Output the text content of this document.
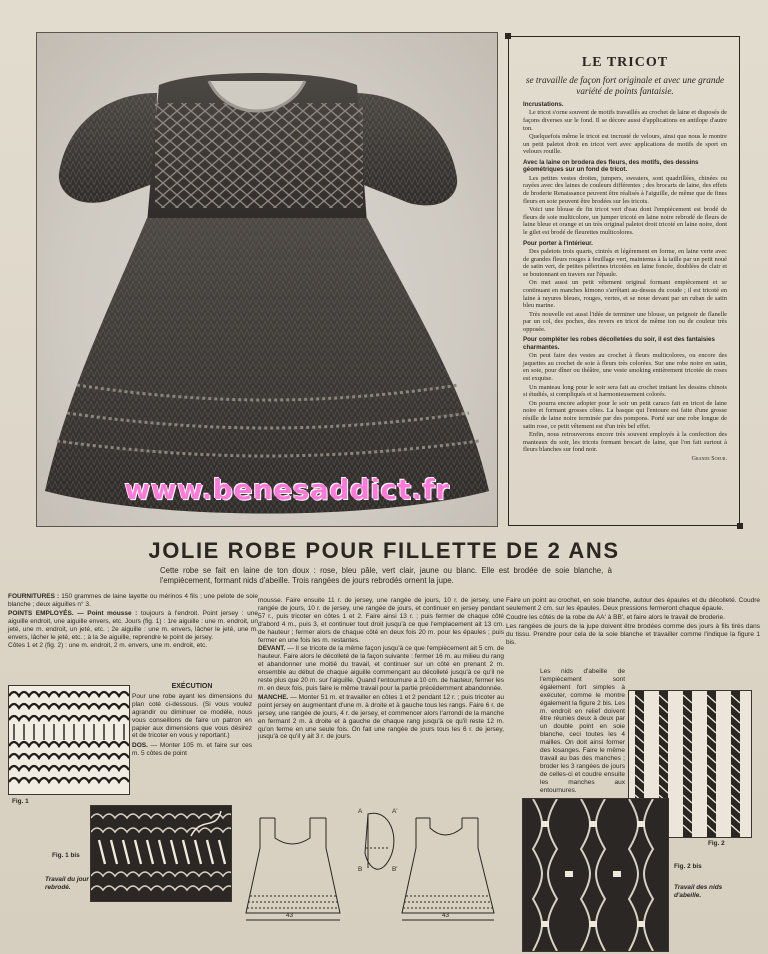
www.benesaddict.fr
LE TRICOT
se travaille de façon fort originale et avec une grande variété de points fantaisie.
Incrustations.

Le tricot s'orne souvent de motifs travaillés au crochet de laine et disposés de façons diverses sur le fond. Il se décore aussi d'applications en antilope d'autre ton.

Quelquefois même le tricot est incrusté de velours, ainsi que nous le montre un petit paletot droit en tricot vert avec applications de motifs de sport en velours rouille.

Avec la laine on brodera des fleurs, des motifs, des dessins géométriques sur un fond de tricot.

Les petites vestes droites, jumpers, sweaters, sont quadrillées, chinées ou rayées avec des laines de couleurs différentes ; des brocarts de laine, des effets de broderie Renaissance peuvent être réalisés à l'aiguille, de même que de fines fleurs en soie peuvent être brodées sur les tricots.

Voici une blouse de fin tricot vert d'eau dont l'empiècement est brodé de fleurs de soie multicolore, un jumper tricoté en laine noire rebrodé de fleurs de laine bleue et orange et un très original paletot droit tricoté en laine noire, dont le gilet est brodé de fleurettes multicolores.

Pour porter à l'intérieur.

Des paletots trois quarts, cintrés et légèrement en forme, en laine verte avec de grandes fleurs rouges à feuillage vert, maintenus à la taille par un petit noué de satin vert, de petites pèlerines tricotées en laine foncée, doublées de clair et se boutonnant en travers sur l'épaule.

On met aussi un petit vêtement original formant empiècement et se continuant en manches kimono s'arrêtant au-dessus du coude ; il est tricoté en laine à rayures bleues, rouges, vertes, et se noue devant par un ruban de satin bleu marine.

Très nouvelle est aussi l'idée de terminer une blouse, un peignoir de flanelle par un col, des poches, des revers en tricot de même ton ou de couleur très opposée.

Pour compléter les robes décolletées du soir, il est des fantaisies charmantes.

On peut faire des vestes au crochet à fleurs multicolores, ou encore des jaquettes au crochet de soie à fleurs très colorées. Sur une robe noire en satin, en soie, pour dîner ou théâtre, une veste smoking entièrement tricotée de roses est exquise.

Un manteau long pour le soir sera fait au crochet imitant les dessins chinois si étudiés, si compliqués et si harmonieusement colorés.

On pourra encore adopter pour le soir un petit caraco fait en tricot de laine noire et formant grosses côtes. La basque qui l'entoure est faite d'une grosse résille de laine noire terminée par des pompons. Porté sur une robe longue de satin rose, ce petit vêtement est d'un très bel effet.

Enfin, nous retrouverons encore très souvent employés à la confection des manteaux du soir, les tricots formant brocart de laine, que l'on fait surtout à fleurs blanches sur fond noir.

Grande Soeur.
JOLIE ROBE POUR FILLETTE DE 2 ANS
Cette robe se fait en laine de ton doux : rose, bleu pâle, vert clair, jaune ou blanc. Elle est brodée de soie blanche, à l'empiècement, formant nids d'abeille. Trois rangées de jours rebrodés ornent la jupe.

FOURNITURES : 150 grammes de laine layette ou mérinos 4 fils ; une pelote de soie blanche ; deux aiguilles n° 3.

POINTS EMPLOYÉS. — Point mousse : toujours à l'endroit. Point jersey : une aiguille endroit, une aiguille envers, etc. Jours (fig. 1) : 1re aiguille : une m. endroit, un jeté, une m. endroit, un jeté, etc. ; 2e aiguille : une m. envers, lâcher le jeté, une m. envers, lâcher le jeté, etc. ; à la 3e aiguille, reprendre le point de jersey.

Côtes 1 et 2 (fig. 2) : une m. endroit, 2 m. envers, une m. endroit, etc.

EXÉCUTION

Pour une robe ayant les dimensions du plan coté ci-dessous. (Si vous voulez agrandir ou diminuer ce modèle, nous vous conseillons de faire un patron en papier aux dimensions que vous désirez et de tricoter en vous y reportant.)

DOS. — Monter 105 m. et faire sur ces m. 5 côtes de point

Fig. 1
Fig. 1 bis
Travail du jour rebrodé.

mousse. Faire ensuite 11 r. de jersey, une rangée de jours, 10 r. de jersey, une rangée de jours, 10 r. de jersey, une rangée de jours, et continuer en jersey pendant 57 r., puis tricoter en côtes 1 et 2. Faire ainsi 13 r. ; puis fermer de chaque côté d'abord 4 m., puis 3, et continuer tout droit jusqu'à ce que l'emplacement ait 13 cm. de hauteur ; fermer alors de chaque côté en deux fois 20 m. pour les épaules ; puis fermer en une fois les m. restantes.

DEVANT. — Il se tricote de la même façon jusqu'à ce que l'empiècement ait 5 cm. de hauteur. Faire alors le décolleté de la façon suivante : fermer 16 m. au milieu du rang et abandonner une moitié du travail, et continuer sur un côté en prenant 2 m. ensemble au début de chaque aiguille commençant au décolleté jusqu'à ce qu'il ne reste plus que 20 m. sur l'aiguille. Quand l'entournure a 10 cm. de hauteur, fermer les m. en deux fois, puis faire le même travail pour la partie précédemment abandonnée.

MANCHE. — Monter 51 m. et travailler en côtes 1 et 2 pendant 12 r. ; puis tricoter au point jersey en augmentant d'une m. à droite et à gauche tous les rangs. Faire 6 r. de jersey, une rangée de jours, 4 r. de jersey, et commencer alors l'arrondi de la manche en fermant 2 m. à droite et à gauche de chaque rang jusqu'à ce qu'il reste 12 m. qu'on ferme en une seule fois. On fait une rangée de jours tous les 6 r. de jersey, jusqu'à ce qu'il y ait 3 r. de jours.

43	43
A	A'
B	B'

Faire un point au crochet, en soie blanche, autour des épaules et du décolleté. Coudre seulement 2 cm. sur les épaules. Deux pressions fermeront chaque épaule.

Coudre les côtés de la robe de AA' à BB', et faire alors le travail de broderie.

Les rangées de jours de la jupe doivent être brodées comme des jours à fils tirés dans du tissu. Prendre pour cela de la soie blanche et travailler comme l'indique la figure 1 bis.

Les nids d'abeille de l'empiècement sont également fort simples à exécuter, comme le montre également la figure 2 bis. Les m. endroit en relief doivent être réunies deux à deux par un double point en soie blanche, ceci toutes les 4 mailles. On doit ainsi former des losanges. Faire le même travail au bas des manches ; broder les 3 rangées de jours de celles-ci et coudre ensuite les manches aux entournures.
Fig. 2
Fig. 2 bis
Travail des nids d'abeille.
